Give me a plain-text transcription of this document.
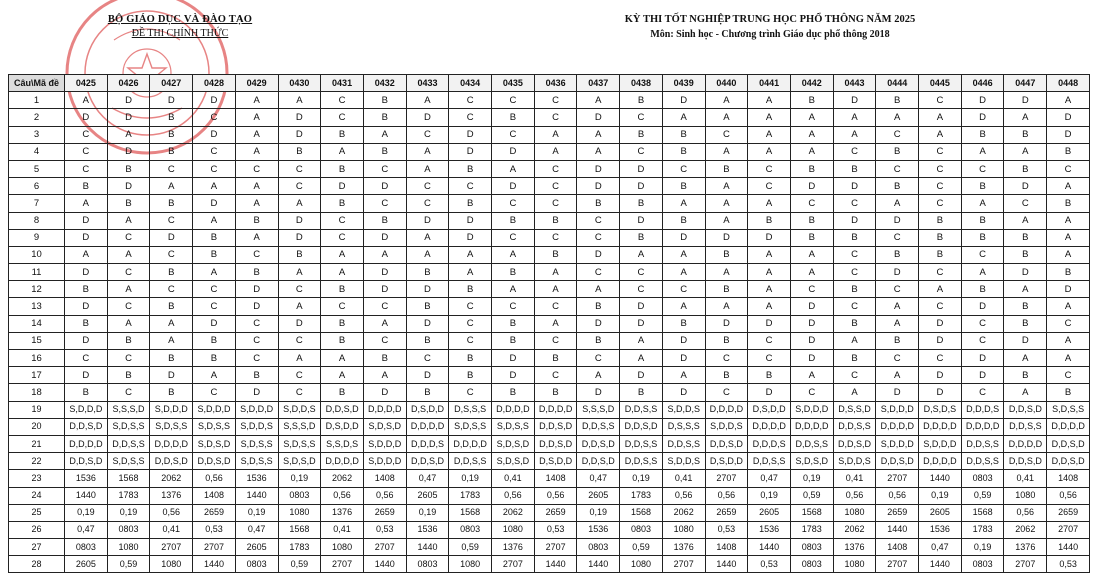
BỘ GIÁO DỤC VÀ ĐÀO TẠO
ĐỀ THI CHÍNH THỨC
KỲ THI TỐT NGHIỆP TRUNG HỌC PHỔ THÔNG NĂM 2025
Môn: Sinh học - Chương trình Giáo dục phổ thông 2018
Câu\Mã đề	0425	0426	0427	0428	0429	0430	0431	0432	0433	0434	0435	0436	0437	0438	0439	0440	0441	0442	0443	0444	0445	0446	0447	0448
1	A	D	D	D	A	A	C	B	A	C	C	C	A	B	D	A	A	B	D	B	C	D	D	A
2	D	D	B	C	A	D	C	B	D	C	B	C	D	C	A	A	A	A	A	A	A	D	A	D
3	C	A	B	D	A	D	B	A	C	D	C	A	A	B	B	C	A	A	A	C	A	B	B	D
4	C	D	B	C	A	B	A	B	A	D	D	A	A	C	B	A	A	A	C	B	C	A	A	B
5	C	B	C	C	C	C	B	C	A	B	A	C	D	D	C	B	C	B	B	C	C	C	B	C
6	B	D	A	A	A	C	D	D	C	C	D	C	D	D	B	A	C	D	D	B	C	B	D	A
7	A	B	B	D	A	A	B	C	C	B	C	C	B	B	A	A	A	C	C	A	C	A	C	B
8	D	A	C	A	B	D	C	B	D	D	B	B	C	D	B	A	B	B	D	D	B	B	A	A
9	D	C	D	B	A	D	C	D	A	D	C	C	C	B	D	D	D	B	B	C	B	B	B	A
10	A	A	C	B	C	B	A	A	A	A	A	B	D	A	A	B	A	A	C	B	B	C	B	A
11	D	C	B	A	B	A	A	D	B	A	B	A	C	C	A	A	A	A	C	D	C	A	D	B
12	B	A	C	C	D	C	B	D	D	B	A	A	A	C	C	B	A	C	B	C	A	B	A	D
13	D	C	B	C	D	A	C	C	B	C	C	C	B	D	A	A	A	D	C	A	C	D	B	A
14	B	A	A	D	C	D	B	A	D	C	B	A	D	D	B	D	D	D	B	A	D	C	B	C
15	D	B	A	B	C	C	B	C	B	C	B	C	B	A	D	B	C	D	A	B	D	C	D	A
16	C	C	B	B	C	A	A	B	C	B	D	B	C	A	D	C	C	D	B	C	C	D	A	A
17	D	B	D	A	B	C	A	A	D	B	D	C	A	D	A	B	B	A	C	A	D	D	B	C
18	B	C	B	C	D	C	B	D	B	C	B	B	D	B	D	C	D	C	A	D	D	C	A	B
19	S,D,D,D	S,S,S,D	S,D,D,D	S,D,D,D	S,D,D,D	S,D,D,S	D,D,S,D	D,D,D,D	D,S,D,D	D,S,S,S	D,D,D,D	D,D,D,D	S,S,S,D	D,D,S,S	S,D,D,S	D,D,D,D	D,S,D,D	S,D,D,D	D,S,S,D	S,D,D,D	D,S,D,S	D,D,D,S	D,D,S,D	S,D,S,S
20	D,D,S,D	S,D,S,S	S,D,S,S	S,D,S,S	S,D,D,S	S,S,S,D	D,S,D,D	S,D,S,D	D,D,D,D	S,D,S,S	S,D,S,S	D,D,S,D	D,D,S,S	D,D,S,D	D,S,S,S	S,D,D,S	D,D,D,D	D,D,D,D	D,D,S,S	D,D,D,D	D,D,D,D	D,D,D,D	D,D,S,S	D,D,D,D
21	D,D,D,D	D,D,S,S	D,D,D,D	S,D,S,D	S,D,S,S	S,D,S,S	S,S,D,S	S,D,D,D	D,D,D,S	D,D,D,D	S,D,S,D	D,D,S,D	D,D,S,D	D,D,S,S	D,D,S,S	D,D,S,D	D,D,D,S	D,D,S,S	D,D,S,D	S,D,D,D	S,D,D,D	D,D,S,S	D,D,D,D	D,D,S,D
22	D,D,S,D	S,D,S,S	D,D,S,D	D,D,S,D	S,D,S,S	S,D,S,D	D,D,D,D	S,D,D,D	D,D,S,D	D,D,S,S	S,D,S,D	D,S,D,D	D,D,S,D	D,D,S,S	S,D,D,S	D,S,D,D	D,D,S,S	S,D,S,D	S,D,D,S	D,D,S,D	D,D,D,D	D,D,S,S	D,D,S,D	D,D,S,D
23	1536	1568	2062	0,56	1536	0,19	2062	1408	0,47	0,19	0,41	1408	0,47	0,19	0,41	2707	0,47	0,19	0,41	2707	1440	0803	0,41	1408
24	1440	1783	1376	1408	1440	0803	0,56	0,56	2605	1783	0,56	0,56	2605	1783	0,56	0,56	0,19	0,59	0,56	0,56	0,19	0,59	1080	0,56
25	0,19	0,19	0,56	2659	0,19	1080	1376	2659	0,19	1568	2062	2659	0,19	1568	2062	2659	2605	1568	1080	2659	2605	1568	0,56	2659
26	0,47	0803	0,41	0,53	0,47	1568	0,41	0,53	1536	0803	1080	0,53	1536	0803	1080	0,53	1536	1783	2062	1440	1536	1783	2062	2707
27	0803	1080	2707	2707	2605	1783	1080	2707	1440	0,59	1376	2707	0803	0,59	1376	1408	1440	0803	1376	1408	0,47	0,19	1376	1440
28	2605	0,59	1080	1440	0803	0,59	2707	1440	0803	1080	2707	1440	1440	1080	2707	1440	0,53	0803	1080	2707	1440	0803	2707	0,53
